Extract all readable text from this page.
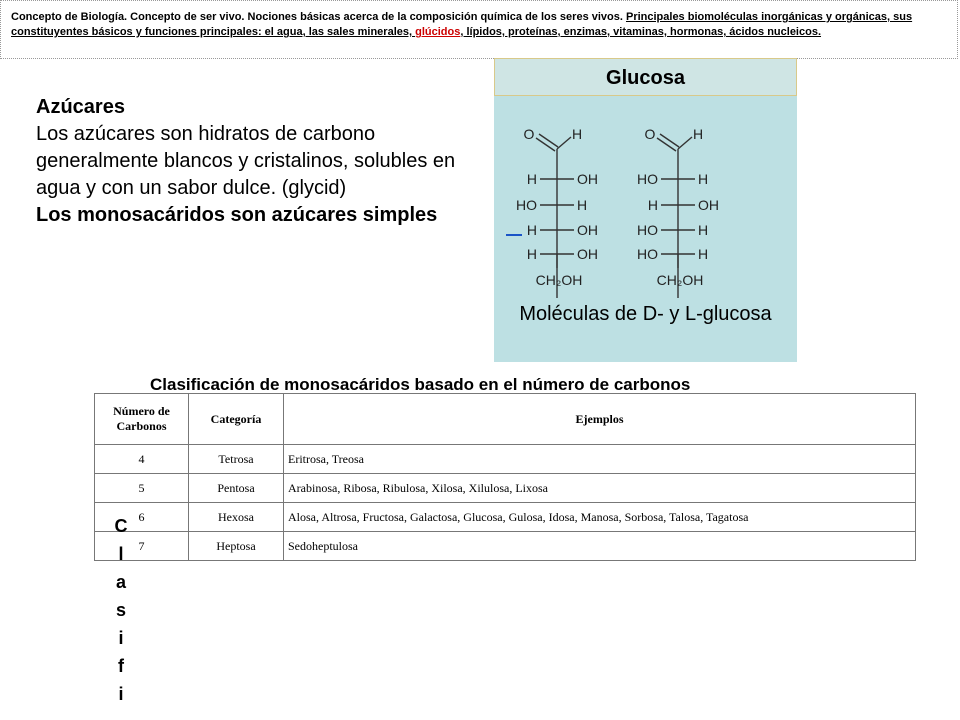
Concepto de Biología. Concepto de ser vivo. Nociones básicas acerca de la composición química de los seres vivos. Principales biomoléculas inorgánicas y orgánicas, sus constituyentes básicos y funciones principales: el agua, las sales minerales, glúcidos, lípidos, proteínas, enzimas, vitaminas, hormonas, ácidos nucleicos.
Azúcares
Los azúcares son hidratos de carbono generalmente blancos y cristalinos, solubles en agua y con un sabor dulce. (glycid)
Los monosacáridos son azúcares simples
Glucosa
O	H
H	OH
HO	H
H	OH
H	OH
CH₂OH
O	H
HO	H
H	OH
HO	H
HO	H
CH₂OH
Moléculas de D- y L-glucosa
Clasificación de monosacáridos basado en el número de carbonos
Número de Carbonos	Categoría	Ejemplos
4	Tetrosa	Eritrosa, Treosa
5	Pentosa	Arabinosa, Ribosa, Ribulosa, Xilosa, Xilulosa, Lixosa
6	Hexosa	Alosa, Altrosa, Fructosa, Galactosa, Glucosa, Gulosa, Idosa, Manosa, Sorbosa, Talosa, Tagatosa
7	Heptosa	Sedoheptulosa
C
l
a
s
i
f
i
